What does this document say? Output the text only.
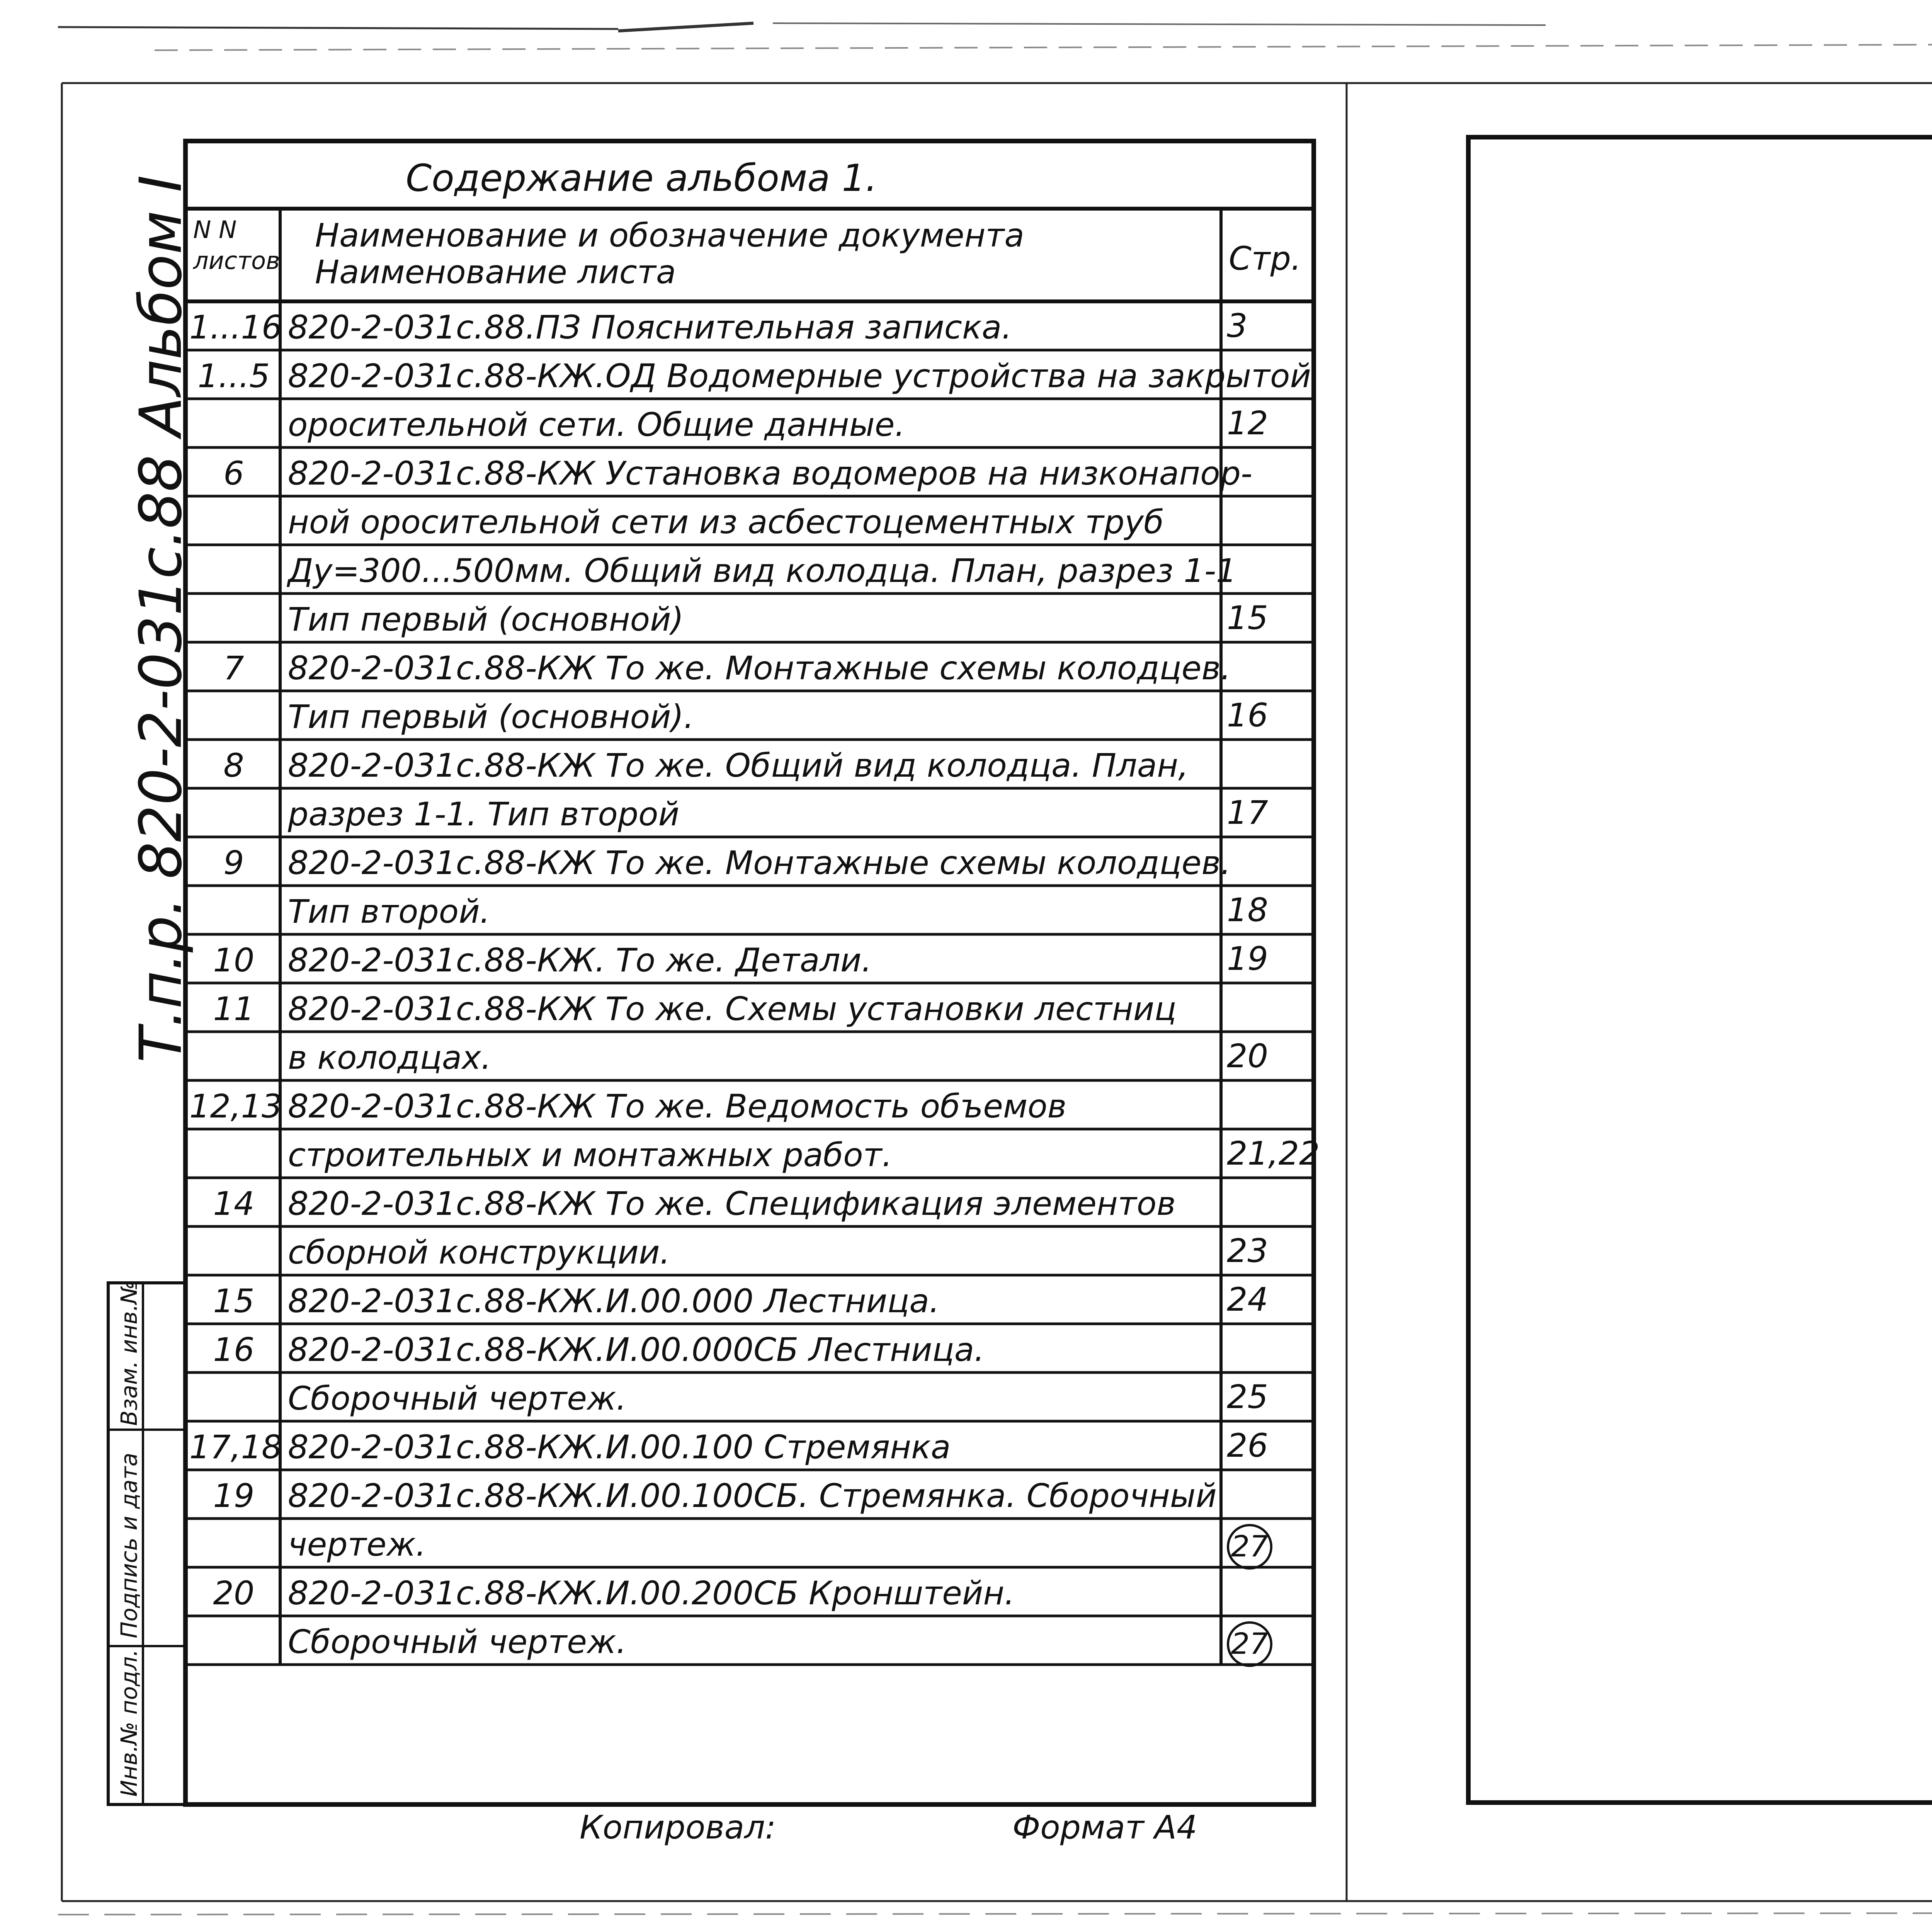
Содержание альбома 1.
N N листов
Наименование и обозначение документа
Наименование листа	Стр.
1...16 820-2-031с.88.ПЗ Пояснительная записка.	3
1...5 820-2-031с.88-КЖ.ОД Водомерные устройства на закрытой
оросительной сети. Общие данные.	12
6	820-2-031с.88-КЖ Установка водомеров на низконапор-
ной оросительной сети из асбестоцементных труб
Ду=300...500мм. Общий вид колодца. План, разрез 1-1
Тип первый (основной)	15
7	820-2-031с.88-КЖ То же. Монтажные схемы колодцев.
Тип первый (основной).	16
8	820-2-031с.88-КЖ То же. Общий вид колодца. План,
разрез 1-1. Тип второй	17
9	820-2-031с.88-КЖ То же. Монтажные схемы колодцев.
Тип второй.	18
10	820-2-031с.88-КЖ. То же. Детали.	19
11	820-2-031с.88-КЖ То же. Схемы установки лестниц
в колодцах.	20
12,13 820-2-031с.88-КЖ То же. Ведомость объемов
строительных и монтажных работ.	21,22
14	820-2-031с.88-КЖ То же. Спецификация элементов
сборной конструкции.	23
15	820-2-031с.88-КЖ.И.00.000 Лестница.	24
16	820-2-031с.88-КЖ.И.00.000СБ Лестница.
Сборочный чертеж.	25
17,18 820-2-031с.88-КЖ.И.00.100 Стремянка	26
19	820-2-031с.88-КЖ.И.00.100СБ. Стремянка. Сборочный
чертеж.	27
20	820-2-031с.88-КЖ.И.00.200СБ Кронштейн.
Сборочный чертеж.	27
Т.п.р. 820-2-031с.88 Альбом I
Инв.№ подл.
Подпись и дата
Взам. инв.№
Копировал:	Формат А4
